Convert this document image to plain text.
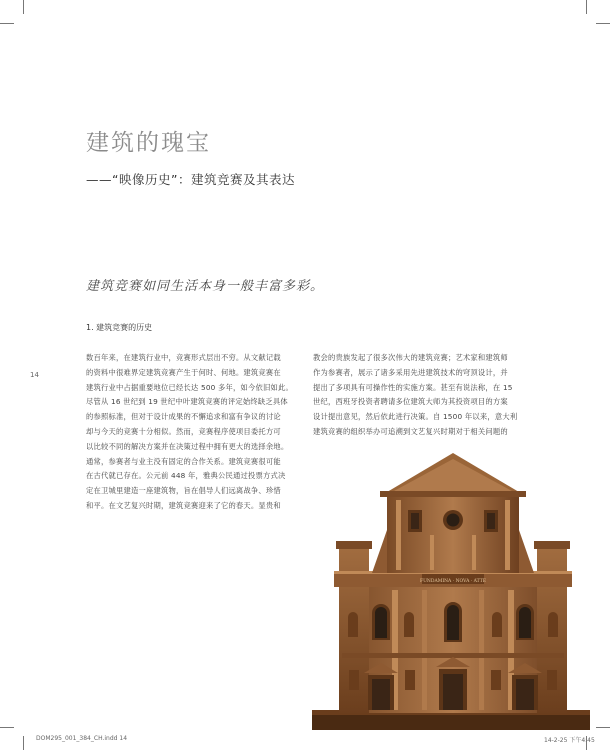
14
建筑的瑰宝
——“映像历史”：建筑竞赛及其表达
建筑竞赛如同生活本身一般丰富多彩。
1. 建筑竞赛的历史

数百年来，在建筑行业中，竞赛形式层出不穷。从文献记载

的资料中很难界定建筑竞赛产生于何时、何地。建筑竞赛在

建筑行业中占据重要地位已经长达 500 多年，如今依旧如此。

尽管从 16 世纪到 19 世纪中叶建筑竞赛的评定始终缺乏具体

的参照标准，但对于设计成果的不懈追求和富有争议的讨论

却与今天的竞赛十分相似。然而，竞赛程序使项目委托方可

以比较不同的解决方案并在决策过程中拥有更大的选择余地。

通常，参赛者与业主没有固定的合作关系。建筑竞赛很可能

在古代就已存在。公元前 448 年，雅典公民通过投票方式决

定在卫城里建造一座建筑物，旨在倡导人们远离战争、珍惜

和平。在文艺复兴时期，建筑竞赛迎来了它的春天。显贵和

教会的贵族发起了很多次伟大的建筑竞赛；艺术家和建筑师

作为参赛者，展示了诸多采用先进建筑技术的穹顶设计，并

提出了多项具有可操作性的实施方案。甚至有说法称，在 15

世纪，西班牙投资者聘请多位建筑大师为其投资项目的方案

设计提出意见，然后依此进行决策。自 1500 年以来，意大利

建筑竞赛的组织举办可追溯到文艺复兴时期对于相关问题的

FUNDAMINA · NOVA · ATTE
DOM295_001_384_CH.indd 14	14-2-25 下午4:45
